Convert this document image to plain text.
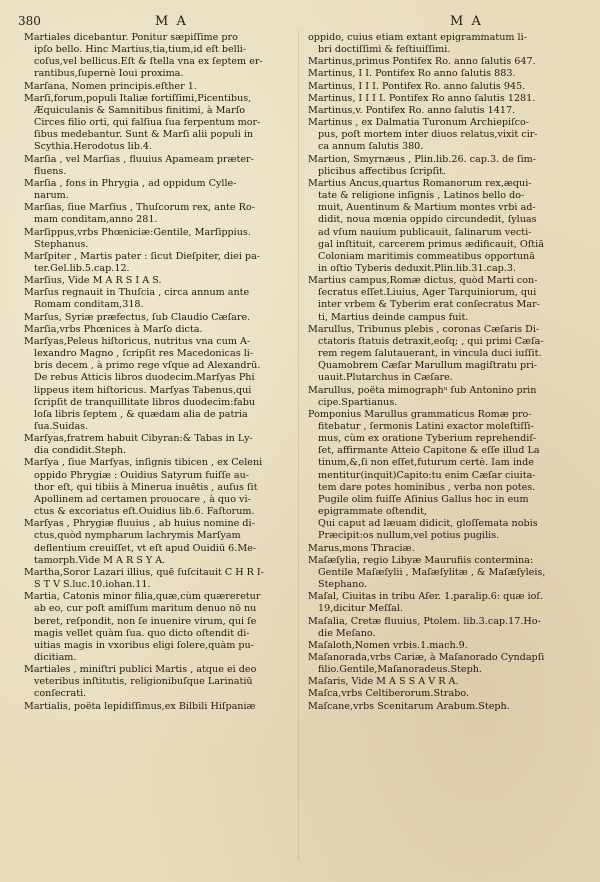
380	M A	M A
Martiales dicebantur. Ponitur sæpiſſime pro
ipſo bello. Hinc Martius,tia,tium,id eſt belli-
coſus,vel bellicus.Eſt & ſtella vna ex ſeptem er-
rantibus,ſupernè Ioui proxima.
Marſana, Nomen principis.eſther 1.
Marſi,forum,populi Italiæ fortiſſimi,Picentibus,
Æquiculanis & Samnitibus finitimi, à Marſo
Circes filio orti, qui falſiua ſua ferpentum mor-
ſibus medebantur. Sunt & Marſi alii populi in
Scythia.Herodotus lib.4.
Marſia , vel Marſias , fluuius Apameam præter-
fluens.
Marſia , fons in Phrygia , ad oppidum Cylle-
narum.
Marſias, ſiue Marſius , Thuſcorum rex, ante Ro-
mam conditam,anno 281.
Marſippus,vrbs Phœniciæ:Gentile, Marſippius.
Stephanus.
Marſpiter , Martis pater : ſicut Dieſpiter, diei pa-
ter.Gel.lib.5.cap.12.
Marſius, Vide M A R S I A S.
Marſus regnauit in Thuſcia , circa annum ante
Romam conditam,318.
Marſus, Syriæ præfectus, ſub Claudio Cæſare.
Marſia,vrbs Phœnices à Marſo dicta.
Marſyas,Peleus hiſtoricus, nutritus vna cum A-
lexandro Magno , ſcripſit res Macedonicas li-
bris decem , à primo rege vſque ad Alexandrū.
De rebus Atticis libros duodecim.Marſyas Phi
lippeus item hiſtoricus. Marſyas Tabenus,qui
ſcripſit de tranquillitate libros duodecim:fabu
loſa libris ſeptem , & quædam alia de patria
ſua.Suidas.
Marſyas,fratrem habuit Cibyran:& Tabas in Ly-
dia condidit.Steph.
Marſya , ſiue Marſyas, inſignis tibicen , ex Celeni
oppido Phrygiæ : Ouidius Satyrum fuiſſe au-
thor eſt, qui tibiis à Minerua inuētis , auſus ſit
Apollinem ad certamen prouocare , à quo vi-
ctus & excoriatus eſt.Ouidius lib.6. Faſtorum.
Marſyas , Phrygiæ fluuius , ab huius nomine di-
ctus,quòd nympharum lachrymis Marſyam
deflentium creuiſſet, vt eſt apud Ouidiū 6.Me-
tamorph.Vide M A R S Y A.
Martha,Soror Lazari illius, quē ſuſcitauit C H R I-
S T V S.luc.10.iohan.11.
Martia, Catonis minor filia,quæ,cùm quæreretur
ab eo, cur poſt amiſſum maritum denuo nō nu
beret, reſpondit, non ſe inuenire virum, qui ſe
magis vellet quàm ſua. quo dicto oſtendit di-
uitias magis in vxoribus eligi ſolere,quàm pu-
dicitiam.
Martiales , miniſtri publici Martis , atque ei deo
veteribus inſtitutis, religionibuſque Larinatiū
conſecrati.
Martialis, poëta lepidiſſimus,ex Bilbili Hiſpaniæ
oppido, cuius etiam extant epigrammatum li-
bri doctiſſimi & feſtiuiſſimi.
Martinus,primus Pontifex Ro. anno ſalutis 647.
Martinus, I I. Pontifex Ro anno ſalutis 883.
Martinus, I I I. Pontifex Ro. anno ſalutis 945.
Martinus, I I I I. Pontifex Ro anno ſalutis 1281.
Martinus,v. Pontifex Ro. anno ſalutis 1417.
Martinus , ex Dalmatia Turonum Archiepiſco-
pus, poſt mortem inter diuos relatus,vixit cir-
ca annum ſalutis 380.
Martion, Smyrnæus , Plin.lib.26. cap.3. de ſim-
plicibus affectibus ſcripſit.
Martius Ancus,quartus Romanorum rex,æqui-
tate & religione inſignis , Latinos bello do-
muit, Auentinum & Martium montes vrbi ad-
didit, noua mœnia oppido circundedit, ſyluas
ad vſum nauium publicauit, ſalinarum vecti-
gal inſtituit, carcerem primus ædificauit, Oſtiā
Coloniam maritimis commeatibus opportunā
in oſtio Tyberis deduxit.Plin.lib.31.cap.3.
Martius campus,Romæ dictus, quòd Marti con-
ſecratus eſſet.Liuius, Ager Tarquiniorum, qui
inter vrbem & Tyberim erat conſecratus Mar-
ti, Martius deinde campus fuit.
Marullus, Tribunus plebis , coronas Cæſaris Di-
ctatoris ſtatuis detraxit,eoſq; , qui primi Cæſa-
rem regem ſalutauerant, in vincula duci iuſſit.
Quamobrem Cæſar Marullum magiſtratu pri-
uauit.Plutarchus in Cæſare.
Marullus, poëta mimographᵘ ſub Antonino prin
cipe.Spartianus.
Pomponius Marullus grammaticus Romæ pro-
fitebatur , ſermonis Latini exactor moleſtiſſi-
mus, cùm ex oratione Tyberium reprehendiſ-
ſet, affirmante Atteio Capitone & eſſe illud La
tinum,&,ſi non eſſet,futurum certè. Iam inde
mentitur(inquit)Capito:tu enim Cæſar ciuita-
tem dare potes hominibus , verba non potes.
Pugile olim fuiſſe Aſinius Gallus hoc in eum
epigrammate oſtendit,
Qui caput ad læuam didicit, gloſſemata nobis
Præcipit:os nullum,vel potius pugilis.
Marus,mons Thraciæ.
Maſæſylia, regio Libyæ Maurufiis contermina:
Gentile Maſæſylii , Maſæſylitæ , & Maſæſyleis,
Stephano.
Maſal, Ciuitas in tribu Aſer. 1.paralip.6: quæ ioſ.
19,dicitur Meſſal.
Maſalia, Cretæ fluuius, Ptolem. lib.3.cap.17.Ho-
die Meſano.
Maſaloth,Nomen vrbis.1.mach.9.
Maſanorada,vrbs Cariæ, à Maſanorado Cyndapſi
filio.Gentile,Maſanoradeus.Steph.
Maſaris, Vide M A S S A V R A.
Maſca,vrbs Celtiberorum.Strabo.
Maſcane,vrbs Scenitarum Arabum.Steph.
